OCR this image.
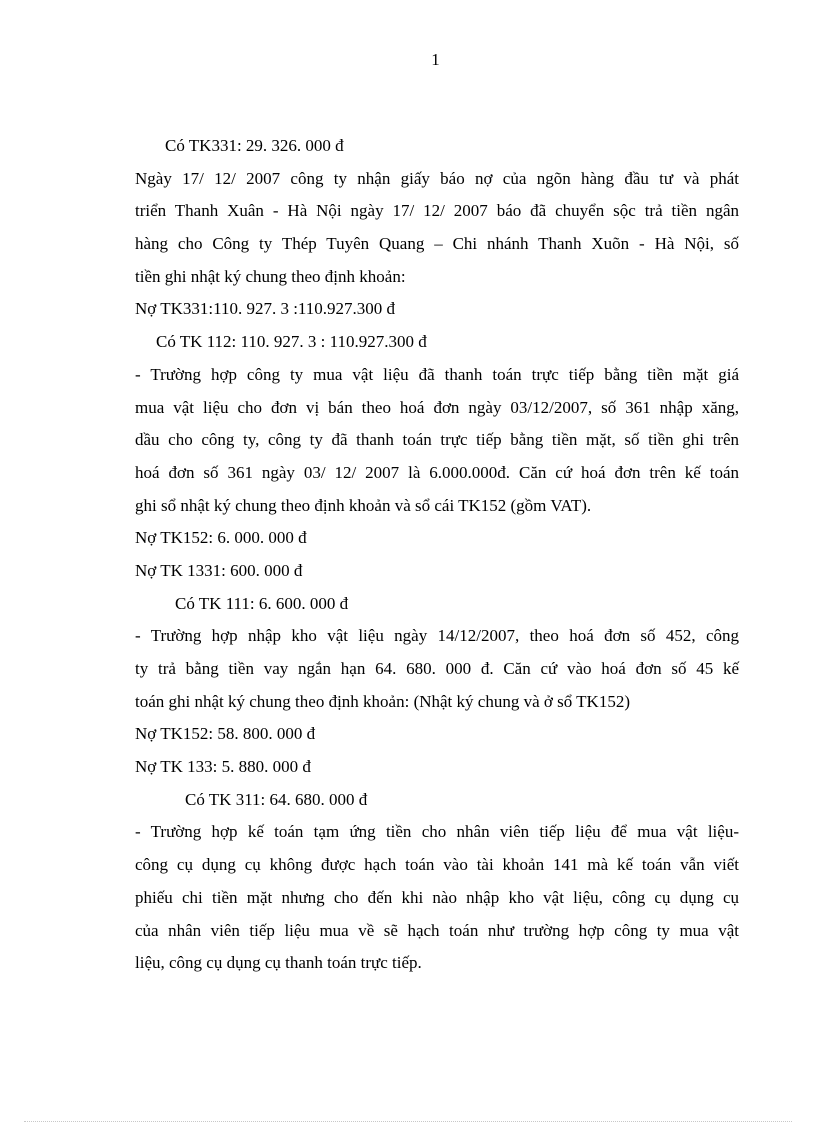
1
Có TK331: 29. 326. 000 đ
Ngày 17/ 12/ 2007 công ty nhận giấy báo nợ của ngõn hàng đầu tư và phát
triển Thanh Xuân - Hà Nội ngày 17/ 12/ 2007 báo đã chuyển sộc trả tiền ngân
hàng cho Công ty Thép Tuyên Quang – Chi nhánh Thanh Xuõn - Hà Nội, số
tiền ghi nhật ký chung theo định khoản:
Nợ TK331:110. 927. 3 :110.927.300 đ
Có TK 112: 110. 927. 3 : 110.927.300 đ
- Trường hợp công ty mua vật liệu đã thanh toán trực tiếp bằng tiền mặt giá
mua vật liệu cho đơn vị bán theo hoá đơn ngày 03/12/2007, số 361 nhập xăng,
dầu cho công ty, công ty đã thanh toán trực tiếp bằng tiền mặt, số tiền ghi trên
hoá đơn số 361 ngày 03/ 12/ 2007 là 6.000.000đ. Căn cứ hoá đơn trên kế toán
ghi sổ nhật ký chung theo định khoản và sổ cái TK152 (gồm VAT).
Nợ TK152: 6. 000. 000 đ
Nợ TK 1331: 600. 000 đ
Có TK 111: 6. 600. 000 đ
- Trường hợp nhập kho vật liệu ngày 14/12/2007, theo hoá đơn số 452, công
ty trả bằng tiền vay ngắn hạn 64. 680. 000 đ. Căn cứ vào hoá đơn số 45 kế
toán ghi nhật ký chung theo định khoản: (Nhật ký chung và ở sổ TK152)
Nợ TK152: 58. 800. 000 đ
Nợ TK 133: 5. 880. 000 đ
Có TK 311: 64. 680. 000 đ
- Trường hợp kế toán tạm ứng tiền cho nhân viên tiếp liệu để mua vật liệu-
công cụ dụng cụ không được hạch toán vào tài khoản 141 mà kế toán vẫn viết
phiếu chi tiền mặt nhưng cho đến khi nào nhập kho vật liệu, công cụ dụng cụ
của nhân viên tiếp liệu mua về sẽ hạch toán như trường hợp công ty mua vật
liệu, công cụ dụng cụ thanh toán trực tiếp.
